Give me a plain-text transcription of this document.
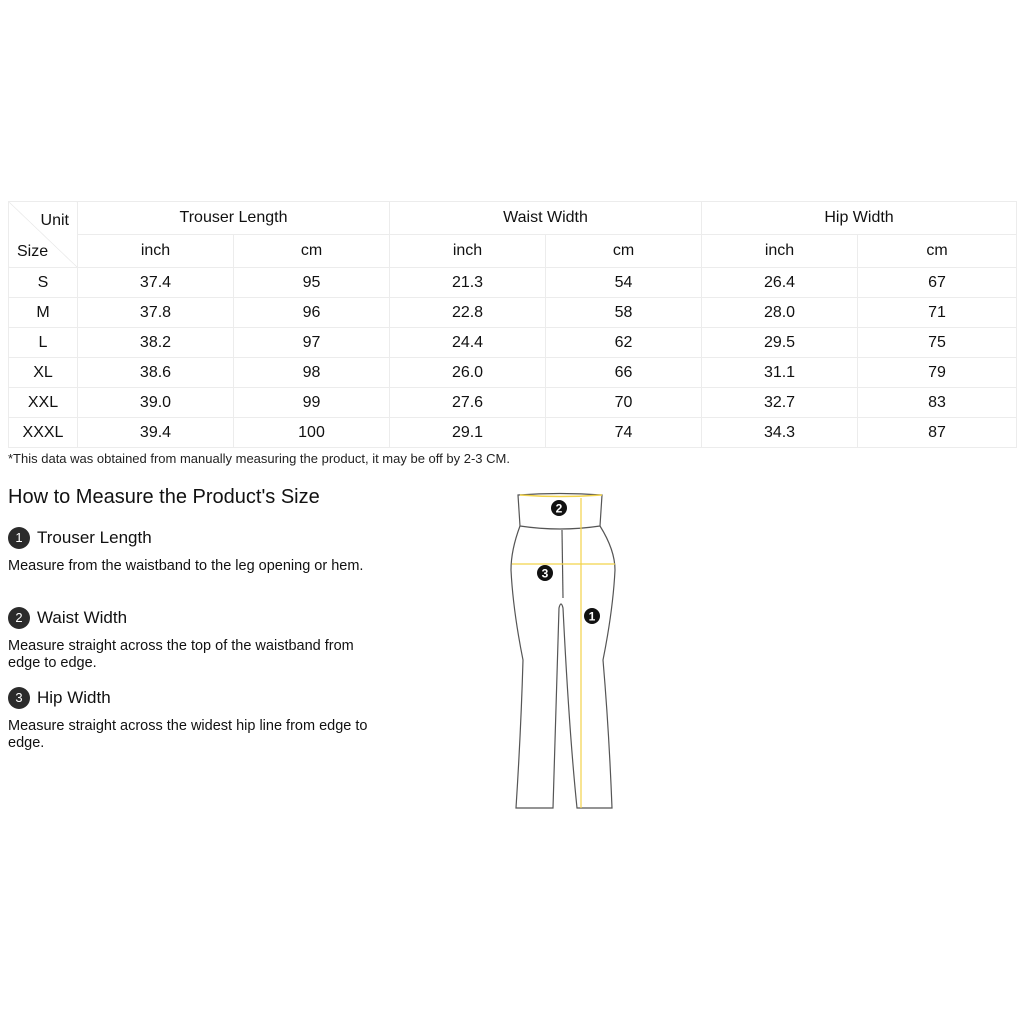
Unit
Size	Trouser Length		Waist Width		Hip Width	
	inch	cm	inch	cm	inch	cm
S	37.4	95	21.3	54	26.4	67
M	37.8	96	22.8	58	28.0	71
L	38.2	97	24.4	62	29.5	75
XL	38.6	98	26.0	66	31.1	79
XXL	39.0	99	27.6	70	32.7	83
XXXL	39.4	100	29.1	74	34.3	87
*This data was obtained from manually measuring the product, it may be off by 2-3 CM.
How to Measure the Product's Size
1 Trouser Length
Measure from the waistband to the leg opening or hem.
2 Waist Width
Measure straight across the top of the waistband from edge to edge.
3 Hip Width
Measure straight across the widest hip line from edge to edge.
2
3
1
